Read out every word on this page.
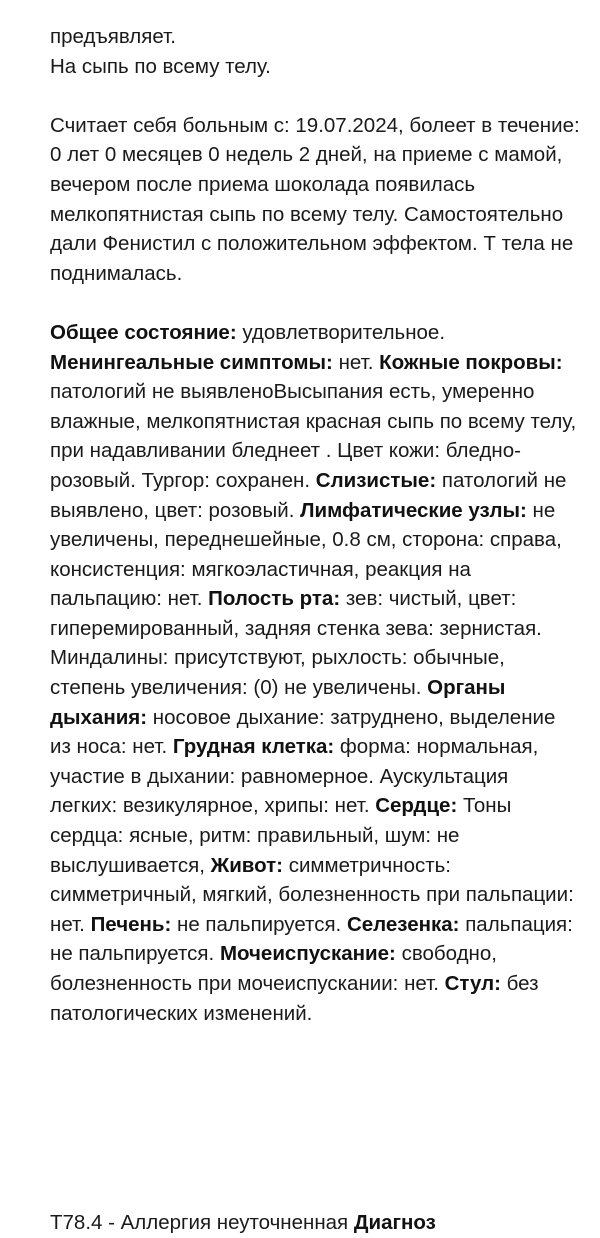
предъявляет.
На сыпь по всему телу.

Считает себя больным с: 19.07.2024, болеет в течение: 0 лет 0 месяцев 0 недель 2 дней, на приеме с мамой, вечером после приема шоколада появилась мелкопятнистая сыпь по всему телу. Самостоятельно дали Фенистил с положительном эффектом. Т тела не поднималась.

Общее состояние: удовлетворительное. Менингеальные симптомы: нет. Кожные покровы: патологий не выявленоВысыпания есть, умеренно влажные, мелкопятнистая красная сыпь по всему телу, при надавливании бледнеет . Цвет кожи: бледно-розовый. Тургор: сохранен. Слизистые: патологий не выявлено, цвет: розовый. Лимфатические узлы: не увеличены, переднешейные, 0.8 см, сторона: справа, консистенция: мягкоэластичная, реакция на пальпацию: нет. Полость рта: зев: чистый, цвет: гиперемированный, задняя стенка зева: зернистая. Миндалины: присутствуют, рыхлость: обычные, степень увеличения: (0) не увеличены. Органы дыхания: носовое дыхание: затруднено, выделение из носа: нет. Грудная клетка: форма: нормальная, участие в дыхании: равномерное. Аускультация легких: везикулярное, хрипы: нет. Сердце: Тоны сердца: ясные, ритм: правильный, шум: не выслушивается, Живот: симметричность: симметричный, мягкий, болезненность при пальпации: нет. Печень: не пальпируется. Селезенка: пальпация: не пальпируется. Мочеиспускание: свободно, болезненность при мочеиспускании: нет. Стул: без патологических изменений.

T78.4 - Аллергия неуточненная Диагноз
